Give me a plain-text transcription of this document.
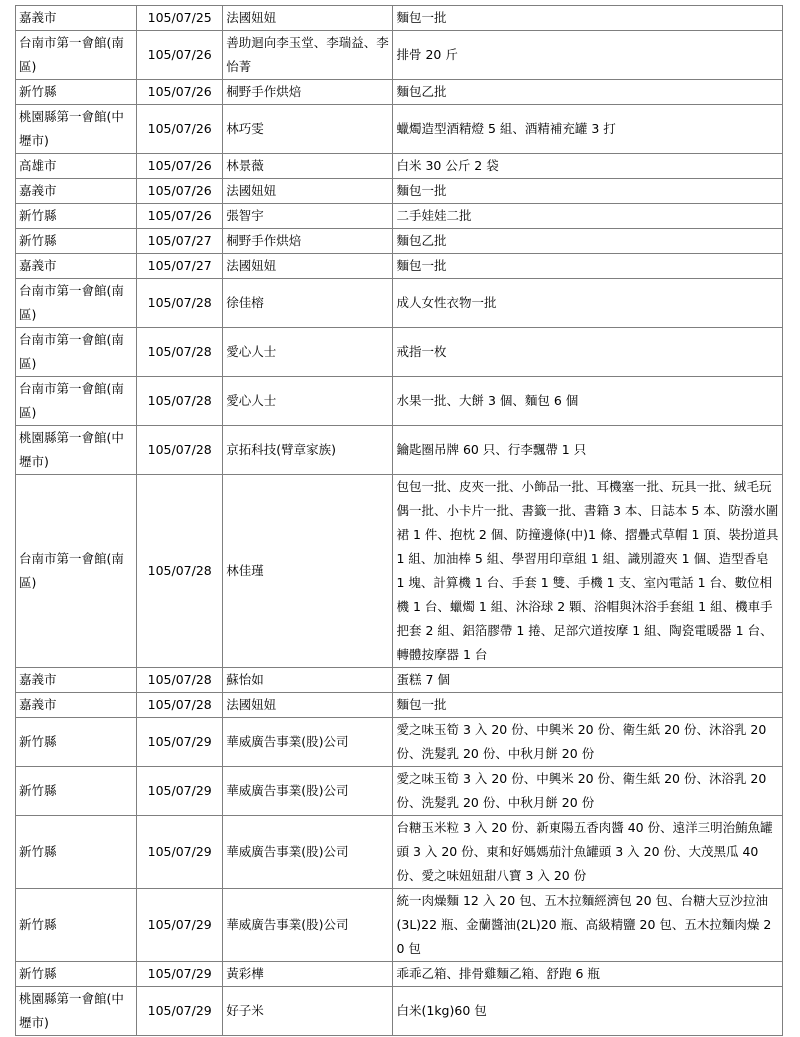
嘉義市	105/07/25	法國妞妞	麵包一批
台南市第一會館(南區)	105/07/26	善助迴向李玉堂、李瑞益、李怡菁	排骨 20 斤
新竹縣	105/07/26	桐野手作烘焙	麵包乙批
桃園縣第一會館(中壢市)	105/07/26	林巧雯	蠟燭造型酒精燈 5 組、酒精補充罐 3 打
高雄市	105/07/26	林景薇	白米 30 公斤 2 袋
嘉義市	105/07/26	法國妞妞	麵包一批
新竹縣	105/07/26	張智宇	二手娃娃二批
新竹縣	105/07/27	桐野手作烘焙	麵包乙批
嘉義市	105/07/27	法國妞妞	麵包一批
台南市第一會館(南區)	105/07/28	徐佳榕	成人女性衣物一批
台南市第一會館(南區)	105/07/28	愛心人士	戒指一枚
台南市第一會館(南區)	105/07/28	愛心人士	水果一批、大餅 3 個、麵包 6 個
桃園縣第一會館(中壢市)	105/07/28	京拓科技(臂章家族)	鑰匙圈吊牌 60 只、行李飄帶 1 只
台南市第一會館(南區)	105/07/28	林佳瑾	包包一批、皮夾一批、小飾品一批、耳機塞一批、玩具一批、絨毛玩偶一批、小卡片一批、書籤一批、書籍 3 本、日誌本 5 本、防潑水圍裙 1 件、抱枕 2 個、防撞邊條(中)1 條、摺疊式草帽 1 頂、裝扮道具 1 組、加油棒 5 組、學習用印章組 1 組、識別證夾 1 個、造型香皂 1 塊、計算機 1 台、手套 1 雙、手機 1 支、室內電話 1 台、數位相機 1 台、蠟燭 1 組、沐浴球 2 顆、浴帽與沐浴手套組 1 組、機車手把套 2 組、鋁箔膠帶 1 捲、足部穴道按摩 1 組、陶瓷電暖器 1 台、轉體按摩器 1 台
嘉義市	105/07/28	蘇怡如	蛋糕 7 個
嘉義市	105/07/28	法國妞妞	麵包一批
新竹縣	105/07/29	華威廣告事業(股)公司	愛之味玉筍 3 入 20 份、中興米 20 份、衛生紙 20 份、沐浴乳 20 份、洗髮乳 20 份、中秋月餅 20 份
新竹縣	105/07/29	華威廣告事業(股)公司	愛之味玉筍 3 入 20 份、中興米 20 份、衛生紙 20 份、沐浴乳 20 份、洗髮乳 20 份、中秋月餅 20 份
新竹縣	105/07/29	華威廣告事業(股)公司	台糖玉米粒 3 入 20 份、新東陽五香肉醬 40 份、遠洋三明治鮪魚罐頭 3 入 20 份、東和好媽媽茄汁魚罐頭 3 入 20 份、大茂黑瓜 40 份、愛之味妞妞甜八寶 3 入 20 份
新竹縣	105/07/29	華威廣告事業(股)公司	統一肉燥麵 12 入 20 包、五木拉麵經濟包 20 包、台糖大豆沙拉油(3L)22 瓶、金蘭醬油(2L)20 瓶、高級精鹽 20 包、五木拉麵肉燥 20 包
新竹縣	105/07/29	黃彩樺	乖乖乙箱、排骨雞麵乙箱、舒跑 6 瓶
桃園縣第一會館(中壢市)	105/07/29	好子米	白米(1kg)60 包
